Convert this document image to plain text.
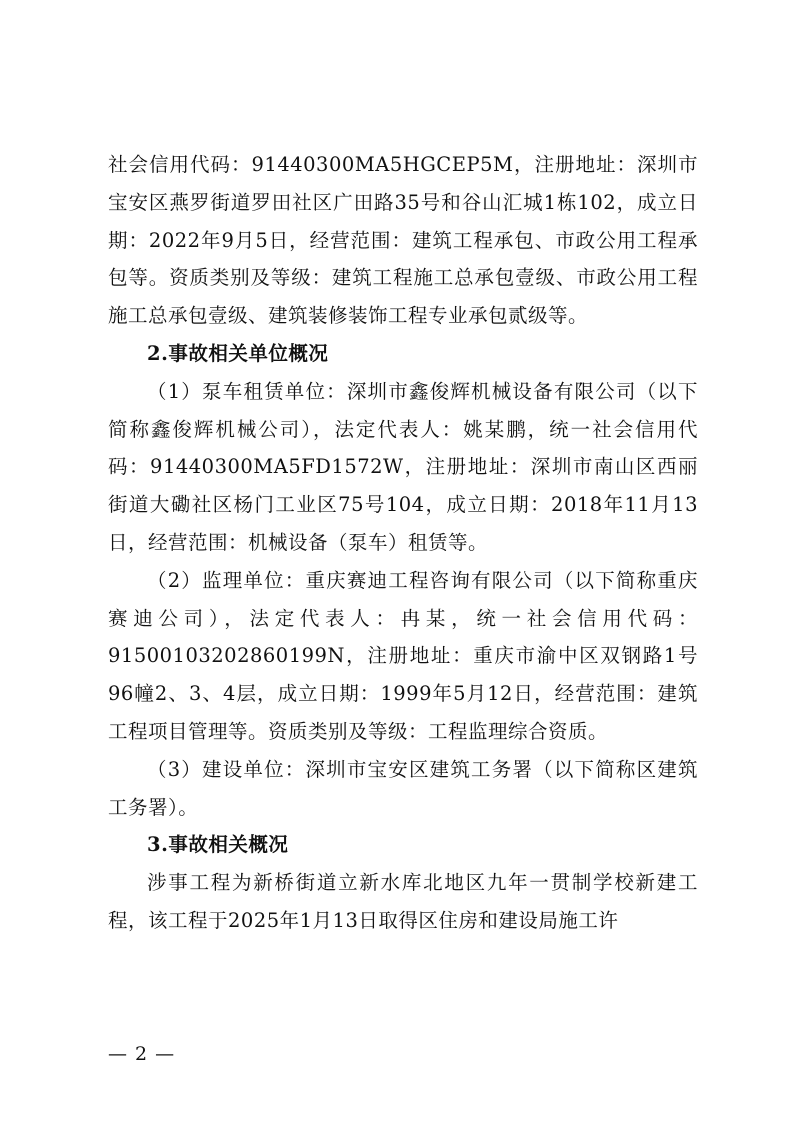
社会信用代码：91440300MA5HGCEP5M，注册地址：深圳市宝安区燕罗街道罗田社区广田路35号和谷山汇城1栋102，成立日期：2022年9月5日，经营范围：建筑工程承包、市政公用工程承包等。资质类别及等级：建筑工程施工总承包壹级、市政公用工程施工总承包壹级、建筑装修装饰工程专业承包贰级等。

2.事故相关单位概况

（1）泵车租赁单位：深圳市鑫俊辉机械设备有限公司（以下简称鑫俊辉机械公司），法定代表人：姚某鹏，统一社会信用代码：91440300MA5FD1572W，注册地址：深圳市南山区西丽街道大磡社区杨门工业区75号104，成立日期：2018年11月13日，经营范围：机械设备（泵车）租赁等。

（2）监理单位：重庆赛迪工程咨询有限公司（以下简称重庆赛迪公司），法定代表人：冉某，统一社会信用代码：91500103202860199N，注册地址：重庆市渝中区双钢路1号96幢2、3、4层，成立日期：1999年5月12日，经营范围：建筑工程项目管理等。资质类别及等级：工程监理综合资质。

（3）建设单位：深圳市宝安区建筑工务署（以下简称区建筑工务署）。

3.事故相关概况

涉事工程为新桥街道立新水库北地区九年一贯制学校新建工程，该工程于2025年1月13日取得区住房和建设局施工许

— 2 —
